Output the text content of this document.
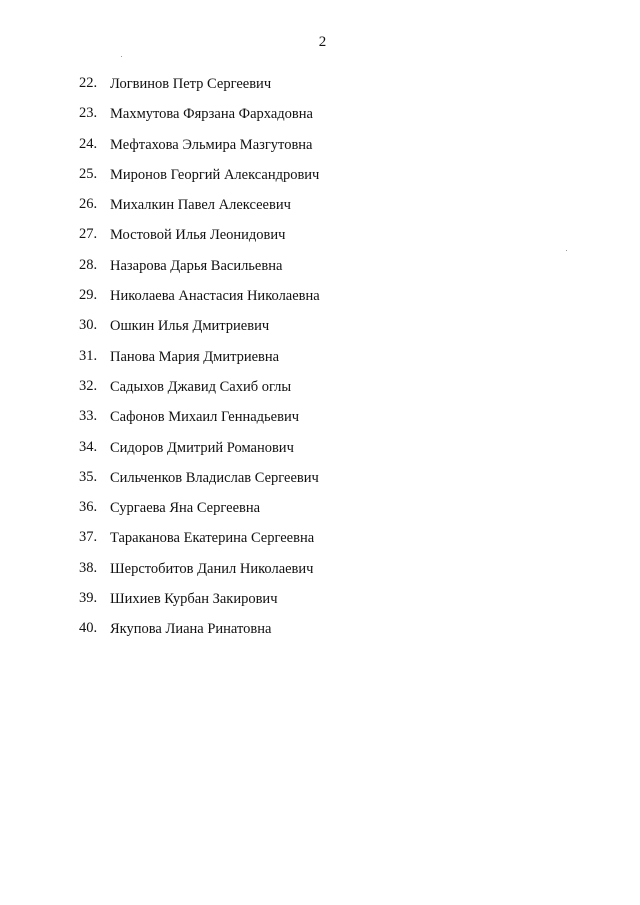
2
22. Логвинов Петр Сергеевич
23. Махмутова Фярзана Фархадовна
24. Мефтахова Эльмира Мазгутовна
25. Миронов Георгий Александрович
26. Михалкин Павел Алексеевич
27. Мостовой Илья Леонидович
28. Назарова Дарья Васильевна
29. Николаева Анастасия Николаевна
30. Ошкин Илья Дмитриевич
31. Панова Мария Дмитриевна
32. Садыхов Джавид Сахиб оглы
33. Сафонов Михаил Геннадьевич
34. Сидоров Дмитрий Романович
35. Сильченков Владислав Сергеевич
36. Сургаева Яна Сергеевна
37. Тараканова Екатерина Сергеевна
38. Шерстобитов Данил Николаевич
39. Шихиев Курбан Закирович
40. Якупова Лиана Ринатовна
